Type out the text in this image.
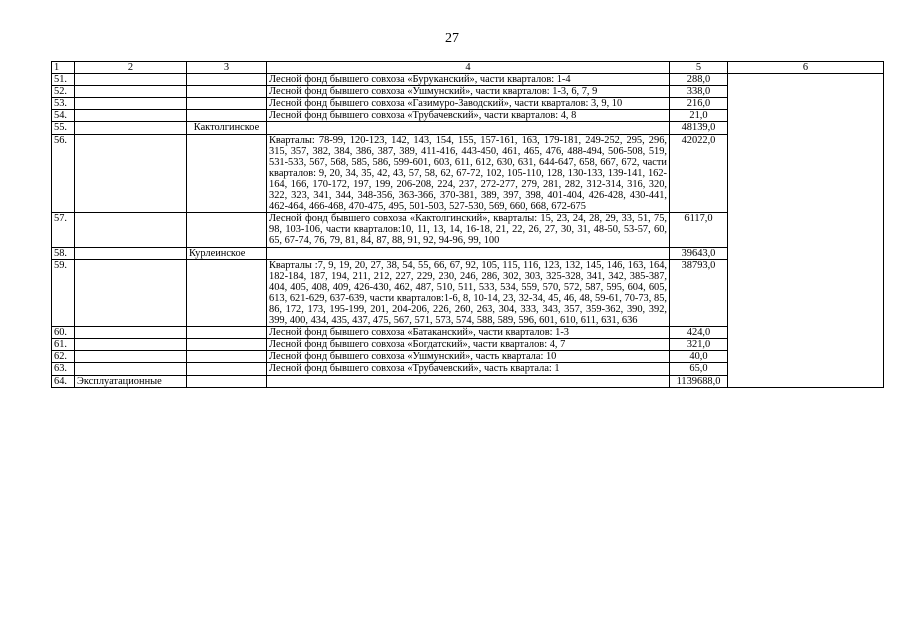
27
1	2	3	4	5	6
51.			Лесной фонд бывшего совхоза «Буруканский», части кварталов: 1-4	288,0	
52.			Лесной фонд бывшего совхоза «Ушмунский», части кварталов: 1-3, 6, 7, 9	338,0	
53.			Лесной фонд бывшего совхоза «Газимуро-Заводский», части кварталов: 3, 9, 10	216,0	
54.			Лесной фонд бывшего совхоза «Трубачевский», части кварталов: 4, 8	21,0	
55.		Кактолгинское		48139,0	
56.			Кварталы: 78-99, 120-123, 142, 143, 154, 155, 157-161, 163, 179-181, 249-252, 295, 296, 315, 357, 382, 384, 386, 387, 389, 411-416, 443-450, 461, 465, 476, 488-494, 506-508, 519, 531-533, 567, 568, 585, 586, 599-601, 603, 611, 612, 630, 631, 644-647, 658, 667, 672, части кварталов: 9, 20, 34, 35, 42, 43, 57, 58, 62, 67-72, 102, 105-110, 128, 130-133, 139-141, 162-164, 166, 170-172, 197, 199, 206-208, 224, 237, 272-277, 279, 281, 282, 312-314, 316, 320, 322, 323, 341, 344, 348-356, 363-366, 370-381, 389, 397, 398, 401-404, 426-428, 430-441, 462-464, 466-468, 470-475, 495, 501-503, 527-530, 569, 660, 668, 672-675	42022,0	
57.			Лесной фонд бывшего совхоза «Кактолгинский», кварталы: 15, 23, 24, 28, 29, 33, 51, 75, 98, 103-106, части кварталов:10, 11, 13, 14, 16-18, 21, 22, 26, 27, 30, 31, 48-50, 53-57, 60, 65, 67-74, 76, 79, 81, 84, 87, 88, 91, 92, 94-96, 99, 100	6117,0	
58.		Курлеинское		39643,0	
59.			Кварталы :7, 9, 19, 20, 27, 38, 54, 55, 66, 67, 92, 105, 115, 116, 123, 132, 145, 146, 163, 164, 182-184, 187, 194, 211, 212, 227, 229, 230, 246, 286, 302, 303, 325-328, 341, 342, 385-387, 404, 405, 408, 409, 426-430, 462, 487, 510, 511, 533, 534, 559, 570, 572, 587, 595, 604, 605, 613, 621-629, 637-639, части кварталов:1-6, 8, 10-14, 23, 32-34, 45, 46, 48, 59-61, 70-73, 85, 86, 172, 173, 195-199, 201, 204-206, 226, 260, 263, 304, 333, 343, 357, 359-362, 390, 392, 399, 400, 434, 435, 437, 475, 567, 571, 573, 574, 588, 589, 596, 601, 610, 611, 631, 636	38793,0	
60.			Лесной фонд бывшего совхоза «Батаканский», части кварталов: 1-3	424,0	
61.			Лесной фонд бывшего совхоза «Богдатский», части кварталов: 4, 7	321,0	
62.			Лесной фонд бывшего совхоза «Ушмунский», часть квартала: 10	40,0	
63.			Лесной фонд бывшего совхоза «Трубачевский», часть квартала: 1	65,0	
64.	Эксплуатационные			1139688,0	
